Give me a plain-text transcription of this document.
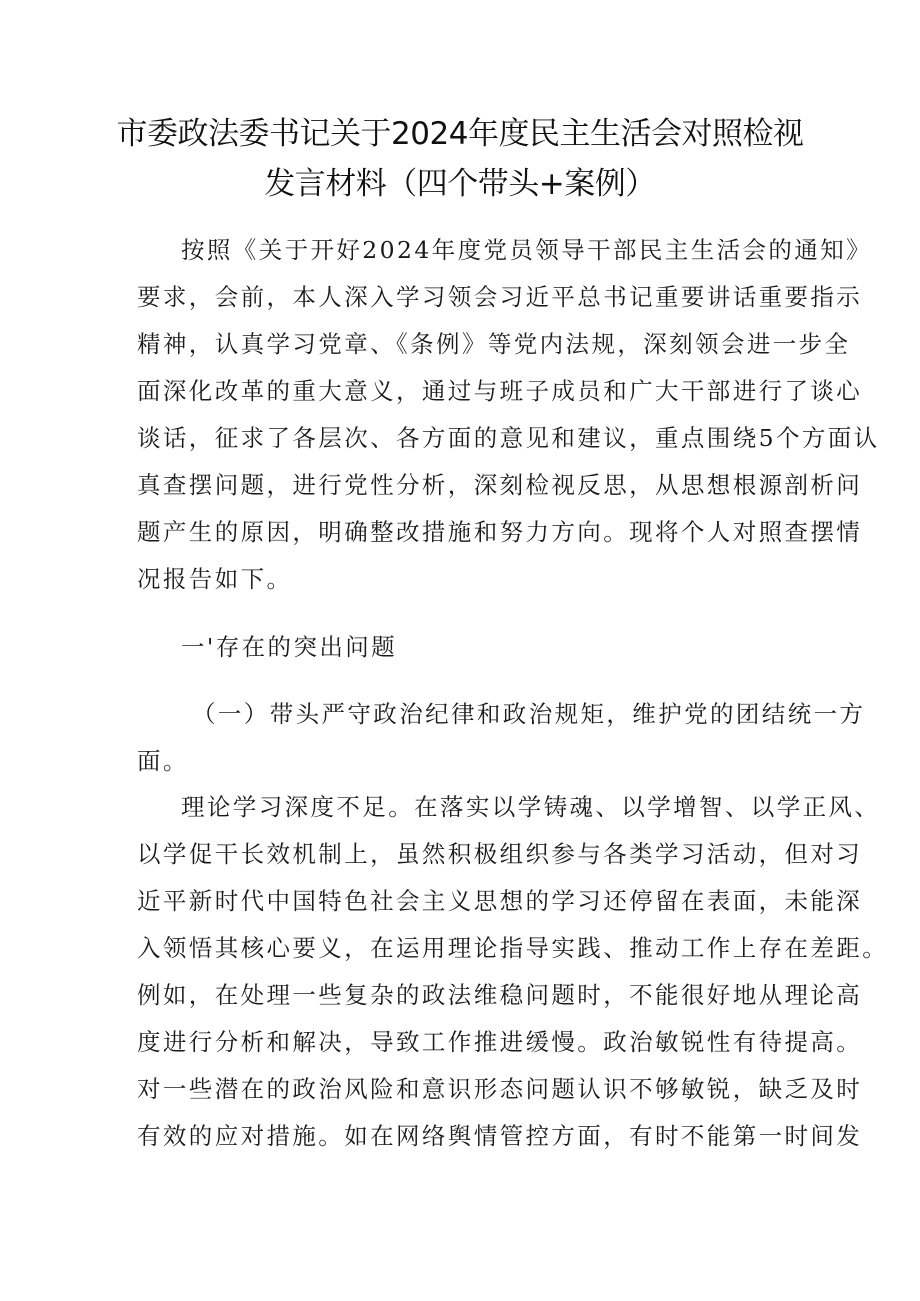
市委政法委书记关于2024年度民主生活会对照检视
发言材料（四个带头+案例）
按照《关于开好2024年度党员领导干部民主生活会的通知》
要求，会前，本人深入学习领会习近平总书记重要讲话重要指示
精神，认真学习党章、《条例》等党内法规，深刻领会进一步全
面深化改革的重大意义，通过与班子成员和广大干部进行了谈心
谈话，征求了各层次、各方面的意见和建议，重点围绕5个方面认
真查摆问题，进行党性分析，深刻检视反思，从思想根源剖析问
题产生的原因，明确整改措施和努力方向。现将个人对照查摆情
况报告如下。
一'存在的突出问题
（一）带头严守政治纪律和政治规矩，维护党的团结统一方
面。
理论学习深度不足。在落实以学铸魂、以学增智、以学正风、
以学促干长效机制上，虽然积极组织参与各类学习活动，但对习
近平新时代中国特色社会主义思想的学习还停留在表面，未能深
入领悟其核心要义，在运用理论指导实践、推动工作上存在差距。
例如，在处理一些复杂的政法维稳问题时，不能很好地从理论高
度进行分析和解决，导致工作推进缓慢。政治敏锐性有待提高。
对一些潜在的政治风险和意识形态问题认识不够敏锐，缺乏及时
有效的应对措施。如在网络舆情管控方面，有时不能第一时间发
